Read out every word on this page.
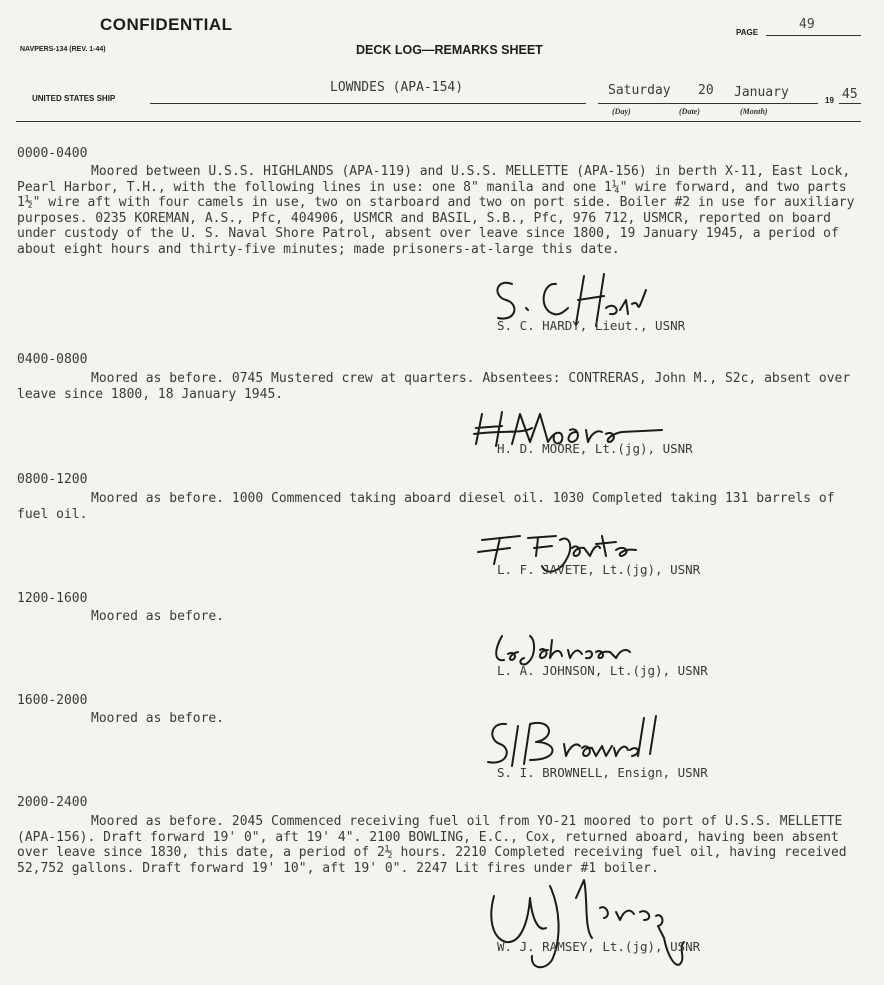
CONFIDENTIAL
NAVPERS-134 (REV. 1-44)	DECK LOG—REMARKS SHEET
PAGE
49
UNITED STATES SHIP
LOWNDES (APA-154)	Saturday 20 January
19 45
(Day)	(Date)	(Month)
0000-0400

Moored between U.S.S. HIGHLANDS (APA-119) and U.S.S. MELLETTE (APA-156) in berth X-11, East Lock, Pearl Harbor, T.H., with the following lines in use: one 8" manila and one 1¼" wire forward, and two parts 1½" wire aft with four camels in use, two on starboard and two on port side. Boiler #2 in use for auxiliary purposes. 0235 KOREMAN, A.S., Pfc, 404906, USMCR and BASIL, S.B., Pfc, 976 712, USMCR, reported on board under custody of the U. S. Naval Shore Patrol, absent over leave since 1800, 19 January 1945, a period of about eight hours and thirty-five minutes; made prisoners-at-large this date.

S. C. HARDY, Lieut., USNR
0400-0800

Moored as before. 0745 Mustered crew at quarters. Absentees: CONTRERAS, John M., S2c, absent over leave since 1800, 18 January 1945.

H. D. MOORE, Lt.(jg), USNR
0800-1200

Moored as before. 1000 Commenced taking aboard diesel oil. 1030 Completed taking 131 barrels of fuel oil.

L. F. JAVETE, Lt.(jg), USNR
1200-1600

Moored as before.

L. A. JOHNSON, Lt.(jg), USNR
1600-2000

Moored as before.

S. I. BROWNELL, Ensign, USNR
2000-2400

Moored as before. 2045 Commenced receiving fuel oil from YO-21 moored to port of U.S.S. MELLETTE (APA-156). Draft forward 19' 0", aft 19' 4". 2100 BOWLING, E.C., Cox, returned aboard, having been absent over leave since 1830, this date, a period of 2½ hours. 2210 Completed receiving fuel oil, having received 52,752 gallons. Draft forward 19' 10", aft 19' 0". 2247 Lit fires under #1 boiler.

W. J. RAMSEY, Lt.(jg), USNR
